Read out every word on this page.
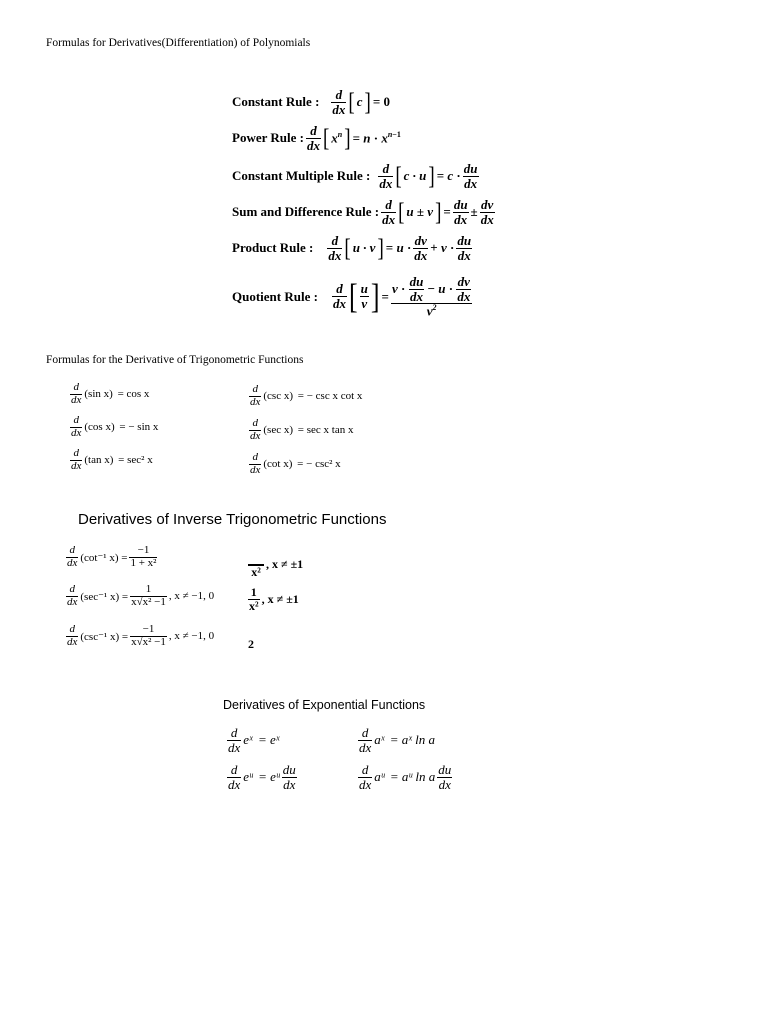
Formulas for Derivatives(Differentiation) of Polynomials
Constant Rule : $\frac{d}{dx}$ [ c ] = 0
Power Rule : $\frac{d}{dx}$ [ $x^n$ ] = $n \cdot x^{n-1}$
Constant Multiple Rule : $\frac{d}{dx}$ [ c · u ] = $c \cdot \frac{du}{dx}$
Sum and Difference Rule : $\frac{d}{dx}$ [ u ± v ] = $\frac{du}{dx} \pm \frac{dv}{dx}$
Product Rule : $\frac{d}{dx}$ [ u · v ] = $u \cdot \frac{dv}{dx} + v \cdot \frac{du}{dx}$
Quotient Rule : $\frac{d}{dx}$ [ $\frac{u}{v}$ ] = $\frac{v \cdot \frac{du}{dx} - u \cdot \frac{dv}{dx}}{v^2}$
Formulas for the Derivative of Trigonometric Functions
$\frac{d}{dx} (\sin$ x)
= cos x
$\frac{d}{dx} (\cos$ x)
= − sin x
$\frac{d}{dx} (\tan$ x)
= sec² x
$\frac{d}{dx} (\csc$ x)
= − csc x cot x
$\frac{d}{dx} (\sec$ x)
= sec x tan x
$\frac{d}{dx} (\cot$ x)
= − csc² x
Derivatives of Inverse Trigonometric Functions
$\frac{d}{dx} (\cot^{-1}$ $x) = \frac{-1}{\text{1 + x²}}$
$\frac{d}{dx} (\sec^{-1}$ $x) = \frac{1}{\text{x√x² −1}}$ , x ≠ −1, 0
$\frac{d}{dx} (\csc^{-1}$ $x) = \frac{-1}{\text{x√x² −1}}$ , x ≠ −1, 0

x²
, x ≠ ±1
$\frac{1}{\text{x²}}$ , x ≠ ±1
2
Derivatives of Exponential Functions
$\frac{d}{dx}$ eˣ
= eˣ	$\frac{d}{dx}$ aˣ
= aˣ ln a
$\frac{d}{dx}$ eᵘ
= eᵘ $\frac{du}{dx}$	$\frac{d}{dx}$ aᵘ
= aᵘ ln a $\frac{du}{dx}$
